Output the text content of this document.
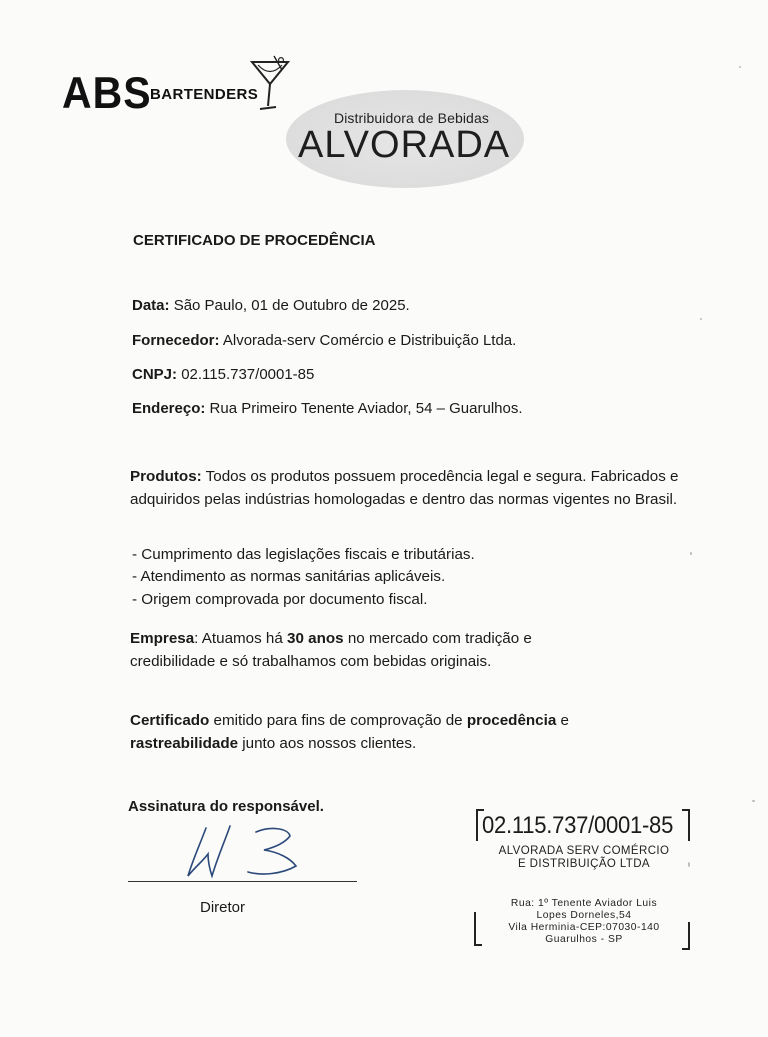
ABS
BARTENDERS
Distribuidora de Bebidas
ALVORADA
CERTIFICADO DE PROCEDÊNCIA
Data: São Paulo, 01 de Outubro de 2025.
Fornecedor: Alvorada-serv Comércio e Distribuição Ltda.
CNPJ: 02.115.737/0001-85
Endereço: Rua Primeiro Tenente Aviador, 54 – Guarulhos.
Produtos: Todos os produtos possuem procedência legal e segura. Fabricados e adquiridos pelas indústrias homologadas e dentro das normas vigentes no Brasil.
- Cumprimento das legislações fiscais e tributárias.
- Atendimento as normas sanitárias aplicáveis.
- Origem comprovada por documento fiscal.
Empresa: Atuamos há 30 anos no mercado com tradição e credibilidade e só trabalhamos com bebidas originais.
Certificado emitido para fins de comprovação de procedência e rastreabilidade junto aos nossos clientes.
Assinatura do responsável.
Diretor
02.115.737/0001-85
ALVORADA SERV COMÉRCIO
E DISTRIBUIÇÃO LTDA
Rua: 1º Tenente Aviador Luis
Lopes Dorneles,54
Vila Herminia-CEP:07030-140
Guarulhos - SP
